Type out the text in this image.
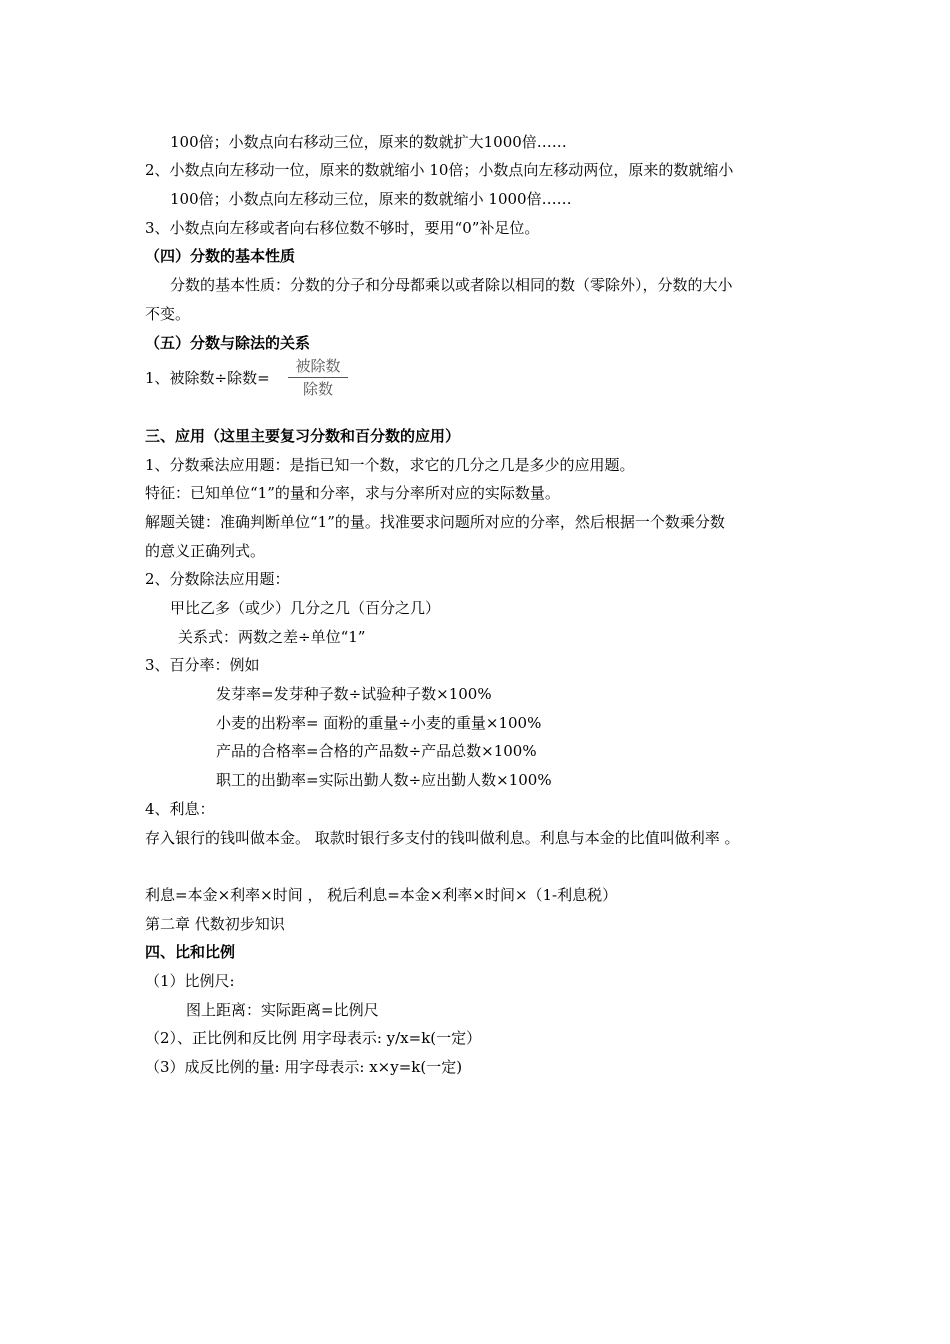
100倍；小数点向右移动三位，原来的数就扩大1000倍……
2、小数点向左移动一位，原来的数就缩小 10倍；小数点向左移动两位，原来的数就缩小
100倍；小数点向左移动三位，原来的数就缩小 1000倍……
3、小数点向左移或者向右移位数不够时，要用“0”补足位。
（四）分数的基本性质
分数的基本性质：分数的分子和分母都乘以或者除以相同的数（零除外），分数的大小
不变。
（五）分数与除法的关系
1、被除数÷除数=
被除数
除数
三、应用（这里主要复习分数和百分数的应用）
1、分数乘法应用题：是指已知一个数，求它的几分之几是多少的应用题。
特征：已知单位“1”的量和分率，求与分率所对应的实际数量。
解题关键：准确判断单位“1”的量。找准要求问题所对应的分率，然后根据一个数乘分数
的意义正确列式。
2、分数除法应用题：
甲比乙多（或少）几分之几（百分之几）
关系式：两数之差÷单位“1”
3、百分率：例如
发芽率=发芽种子数÷试验种子数×100%
小麦的出粉率= 面粉的重量÷小麦的重量×100%
产品的合格率=合格的产品数÷产品总数×100%
职工的出勤率=实际出勤人数÷应出勤人数×100%
4、利息：
存入银行的钱叫做本金。 取款时银行多支付的钱叫做利息。利息与本金的比值叫做利率 。
利息=本金×利率×时间 ， 税后利息=本金×利率×时间×（1-利息税）
第二章 代数初步知识
四、比和比例
（1）比例尺:
图上距离：实际距离=比例尺
（2）、正比例和反比例 用字母表示: y/x=k(一定）
（3）成反比例的量: 用字母表示: x×y=k(一定)
